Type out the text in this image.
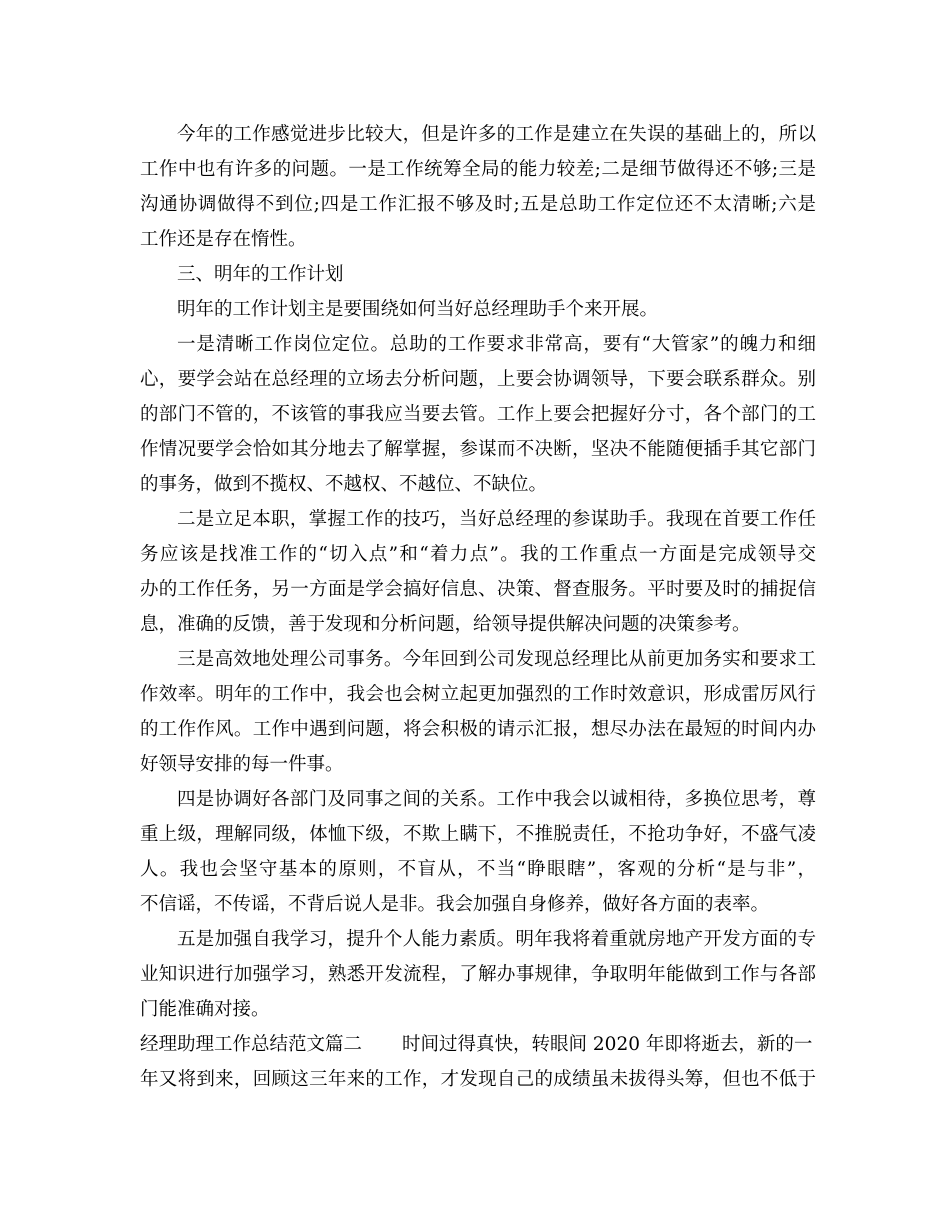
今年的工作感觉进步比较大，但是许多的工作是建立在失误的基础上的，所以
工作中也有许多的问题。一是工作统筹全局的能力较差;二是细节做得还不够;三是
沟通协调做得不到位;四是工作汇报不够及时;五是总助工作定位还不太清晰;六是
工作还是存在惰性。
三、明年的工作计划
明年的工作计划主是要围绕如何当好总经理助手个来开展。
一是清晰工作岗位定位。总助的工作要求非常高，要有“大管家”的魄力和细
心，要学会站在总经理的立场去分析问题，上要会协调领导，下要会联系群众。别
的部门不管的，不该管的事我应当要去管。工作上要会把握好分寸，各个部门的工
作情况要学会恰如其分地去了解掌握，参谋而不决断，坚决不能随便插手其它部门
的事务，做到不揽权、不越权、不越位、不缺位。
二是立足本职，掌握工作的技巧，当好总经理的参谋助手。我现在首要工作任
务应该是找准工作的“切入点”和“着力点”。我的工作重点一方面是完成领导交
办的工作任务，另一方面是学会搞好信息、决策、督查服务。平时要及时的捕捉信
息，准确的反馈，善于发现和分析问题，给领导提供解决问题的决策参考。
三是高效地处理公司事务。今年回到公司发现总经理比从前更加务实和要求工
作效率。明年的工作中，我会也会树立起更加强烈的工作时效意识，形成雷厉风行
的工作作风。工作中遇到问题，将会积极的请示汇报，想尽办法在最短的时间内办
好领导安排的每一件事。
四是协调好各部门及同事之间的关系。工作中我会以诚相待，多换位思考，尊
重上级，理解同级，体恤下级，不欺上瞒下，不推脱责任，不抢功争好，不盛气凌
人。我也会坚守基本的原则，不盲从，不当“睁眼瞎”，客观的分析“是与非”，
不信谣，不传谣，不背后说人是非。我会加强自身修养，做好各方面的表率。
五是加强自我学习，提升个人能力素质。明年我将着重就房地产开发方面的专
业知识进行加强学习，熟悉开发流程，了解办事规律，争取明年能做到工作与各部
门能准确对接。
经理助理工作总结范文篇二 时间过得真快，转眼间 2020 年即将逝去，新的一
年又将到来，回顾这三年来的工作，才发现自己的成绩虽未拔得头筹，但也不低于
